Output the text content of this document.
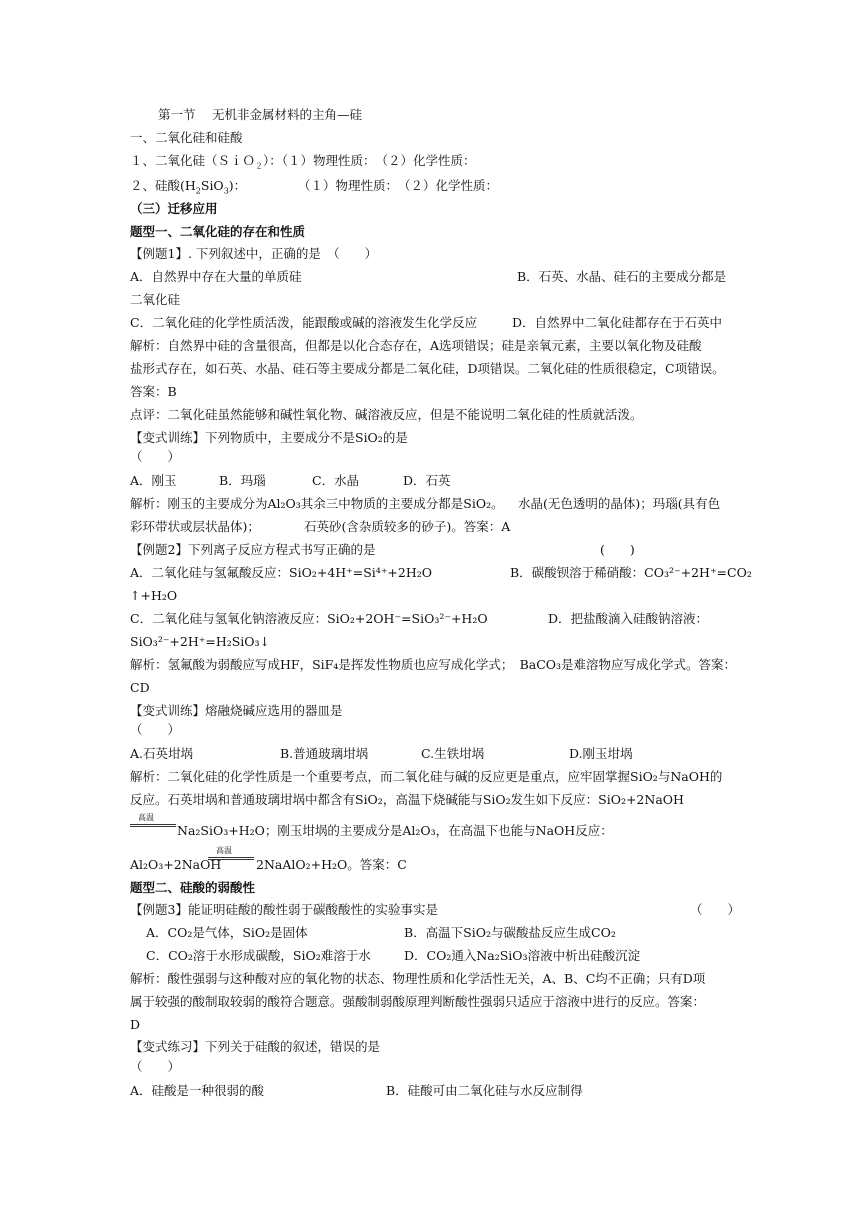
第一节　 无机非金属材料的主角—硅
一、二氧化硅和硅酸
１、二氧化硅（ＳｉＯ$_2$）：（１）物理性质：　（２）化学性质：
２、硅酸$(H_2SiO_3)$：	（１）物理性质：　（２）化学性质：
（三）迁移应用
题型一、二氧化硅的存在和性质
【例题1】. 下列叙述中，正确的是　（　　）
A．自然界中存在大量的单质硅	B．石英、水晶、硅石的主要成分都是
二氧化硅
C．二氧化硅的化学性质活泼，能跟酸或碱的溶液发生化学反应	D．自然界中二氧化硅都存在于石英中
解析：自然界中硅的含量很高，但都是以化合态存在，A选项错误；硅是亲氧元素，主要以氧化物及硅酸
盐形式存在，如石英、水晶、硅石等主要成分都是二氧化硅，D项错误。二氧化硅的性质很稳定，C项错误。
答案：B
点评：二氧化硅虽然能够和碱性氧化物、碱溶液反应，但是不能说明二氧化硅的性质就活泼。
【变式训练】下列物质中，主要成分不是SiO₂的是
（　　）
A．刚玉	B．玛瑙	C．水晶	D．石英
解析：刚玉的主要成分为Al₂O₃其余三中物质的主要成分都是SiO₂。 水晶(无色透明的晶体)；玛瑙(具有色
彩环带状或层状晶体)；	石英砂(含杂质较多的砂子)。答案：A
【例题2】下列离子反应方程式书写正确的是	(　　)
A．二氧化硅与氢氟酸反应：SiO₂+4H⁺=Si⁴⁺+2H₂O	B．碳酸钡溶于稀硝酸：CO₃²⁻+2H⁺=CO₂
↑+H₂O
C．二氧化硅与氢氧化钠溶液反应：SiO₂+2OH⁻=SiO₃²⁻+H₂O	D．把盐酸滴入硅酸钠溶液：
SiO₃²⁻+2H⁺=H₂SiO₃↓
解析：氢氟酸为弱酸应写成HF，SiF₄是挥发性物质也应写成化学式；　BaCO₃是难溶物应写成化学式。答案：
CD
【变式训练】熔融烧碱应选用的器皿是
（　　）
A.石英坩埚	B.普通玻璃坩埚	C.生铁坩埚	D.刚玉坩埚
解析：二氧化硅的化学性质是一个重要考点，而二氧化硅与碱的反应更是重点，应牢固掌握SiO₂与NaOH的
反应。石英坩埚和普通玻璃坩埚中都含有SiO₂，高温下烧碱能与SiO₂发生如下反应：SiO₂+2NaOH
高温
Na₂SiO₃+H₂O；刚玉坩埚的主要成分是Al₂O₃，在高温下也能与NaOH反应：
Al₂O₃+2NaOH
高温
2NaAlO₂+H₂O。答案：C
题型二、硅酸的弱酸性
【例题3】能证明硅酸的酸性弱于碳酸酸性的实验事实是	（　　）
A．CO₂是气体，SiO₂是固体	B．高温下SiO₂与碳酸盐反应生成CO₂
C．CO₂溶于水形成碳酸，SiO₂难溶于水	D．CO₂通入Na₂SiO₃溶液中析出硅酸沉淀
解析：酸性强弱与这种酸对应的氧化物的状态、物理性质和化学活性无关，A、B、C均不正确；只有D项
属于较强的酸制取较弱的酸符合题意。强酸制弱酸原理判断酸性强弱只适应于溶液中进行的反应。答案：
D
【变式练习】下列关于硅酸的叙述，错误的是
（　　）
A．硅酸是一种很弱的酸	B．硅酸可由二氧化硅与水反应制得
